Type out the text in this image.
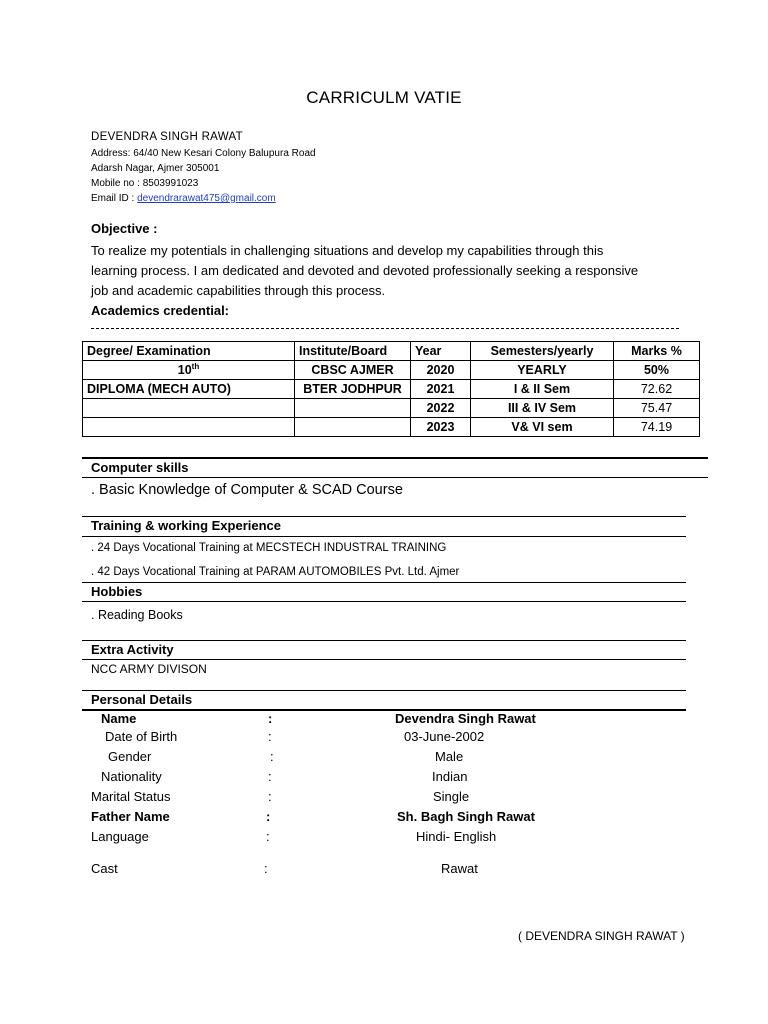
CARRICULM VATIE
DEVENDRA SINGH RAWAT
Address: 64/40 New Kesari Colony Balupura Road
Adarsh Nagar, Ajmer 305001
Mobile no : 8503991023
Email ID : devendrarawat475@gmail.com
Objective :
To realize my potentials in challenging situations and develop my capabilities through this
learning process. I am dedicated and devoted and devoted professionally seeking a responsive
job and academic capabilities through this process.
Academics credential:
Degree/ Examination	Institute/Board	Year	Semesters/yearly	Marks %
10th	CBSC AJMER	2020	YEARLY	50%
DIPLOMA (MECH AUTO)	BTER JODHPUR	2021	I & II Sem	72.62
		2022	III & IV Sem	75.47
		2023	V& VI sem	74.19
Computer skills
. Basic Knowledge of Computer & SCAD Course
Training & working Experience
. 24 Days Vocational Training at MECSTECH INDUSTRAL TRAINING
. 42 Days Vocational Training at PARAM AUTOMOBILES Pvt. Ltd. Ajmer
Hobbies
. Reading Books
Extra Activity
NCC ARMY DIVISON
Personal Details
Name	:	Devendra Singh Rawat
Date of Birth	:	03-June-2002
Gender	:	Male
Nationality	:	Indian
Marital Status	:	Single
Father Name	:	Sh. Bagh Singh Rawat
Language	:	Hindi- English
Cast	:	Rawat
( DEVENDRA SINGH RAWAT )
